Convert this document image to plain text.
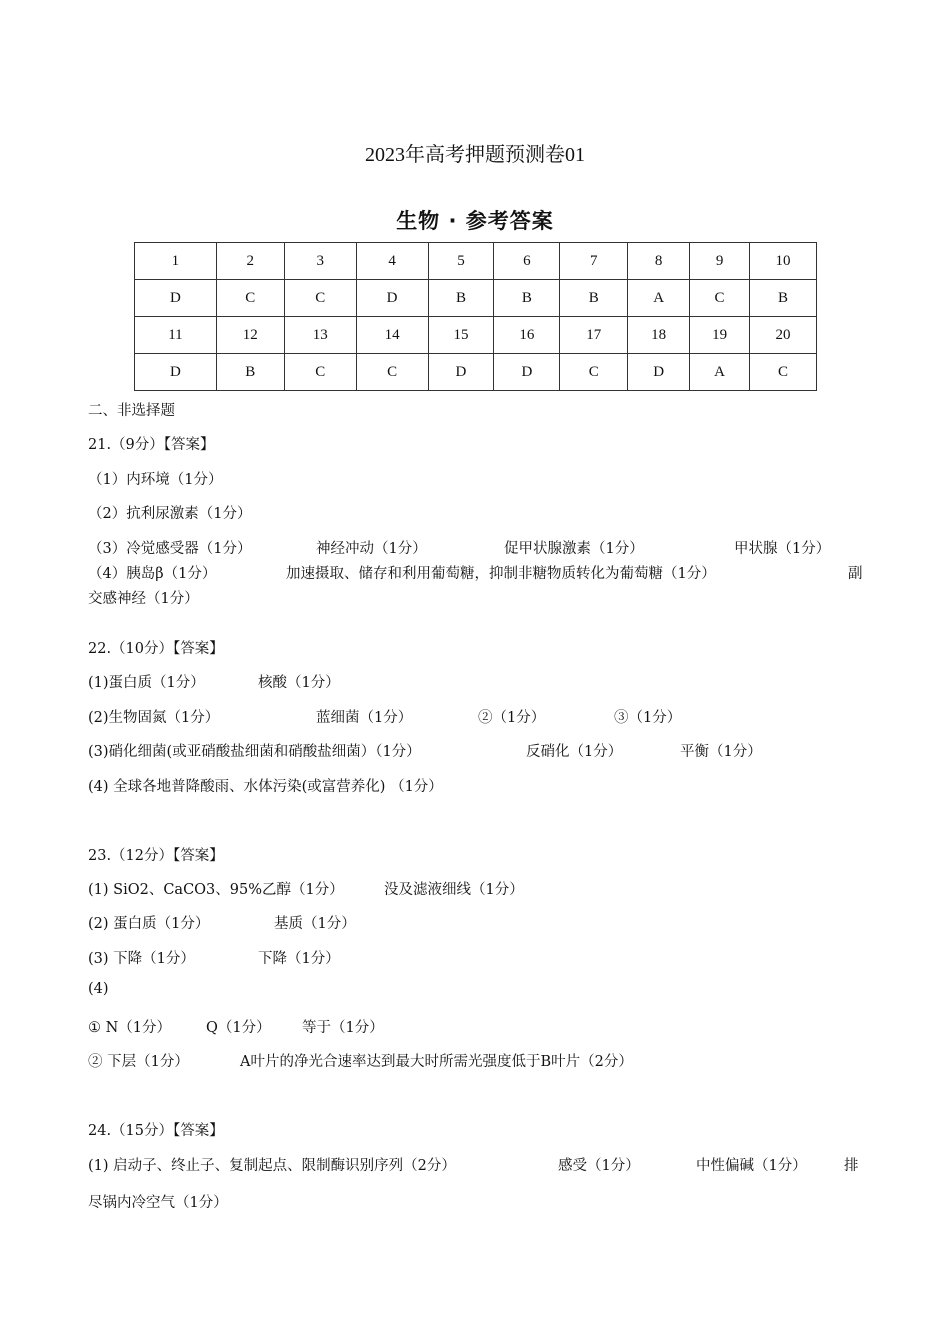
2023年高考押题预测卷01
生物 · 参考答案
1	2	3	4	5	6	7	8	9	10
D	C	C	D	B	B	B	A	C	B
11	12	13	14	15	16	17	18	19	20
D	B	C	C	D	D	C	D	A	C
二、非选择题
21.（9分）【答案】
（1）内环境（1分）
（2）抗利尿激素（1分）
（3）冷觉感受器（1分）	神经冲动（1分）	促甲状腺激素（1分）	甲状腺（1分）
（4）胰岛β（1分）	加速摄取、储存和利用葡萄糖，抑制非糖物质转化为葡萄糖（1分）	副
交感神经（1分）
22.（10分）【答案】
(1)蛋白质（1分）	核酸（1分）
(2)生物固氮（1分）	蓝细菌（1分）	②（1分）	③（1分）
(3)硝化细菌(或亚硝酸盐细菌和硝酸盐细菌）（1分）	反硝化（1分）	平衡（1分）
(4) 全球各地普降酸雨、水体污染(或富营养化) （1分）
23.（12分）【答案】
(1) SiO2、CaCO3、95%乙醇（1分）	没及滤液细线（1分）
(2) 蛋白质（1分）	基质（1分）
(3) 下降（1分）	下降（1分）
(4)
① N（1分） Q（1分） 等于（1分）
② 下层（1分）	A叶片的净光合速率达到最大时所需光强度低于B叶片（2分）
24.（15分）【答案】
(1) 启动子、终止子、复制起点、限制酶识别序列（2分）	感受（1分）	中性偏碱（1分）	排
尽锅内冷空气（1分）
